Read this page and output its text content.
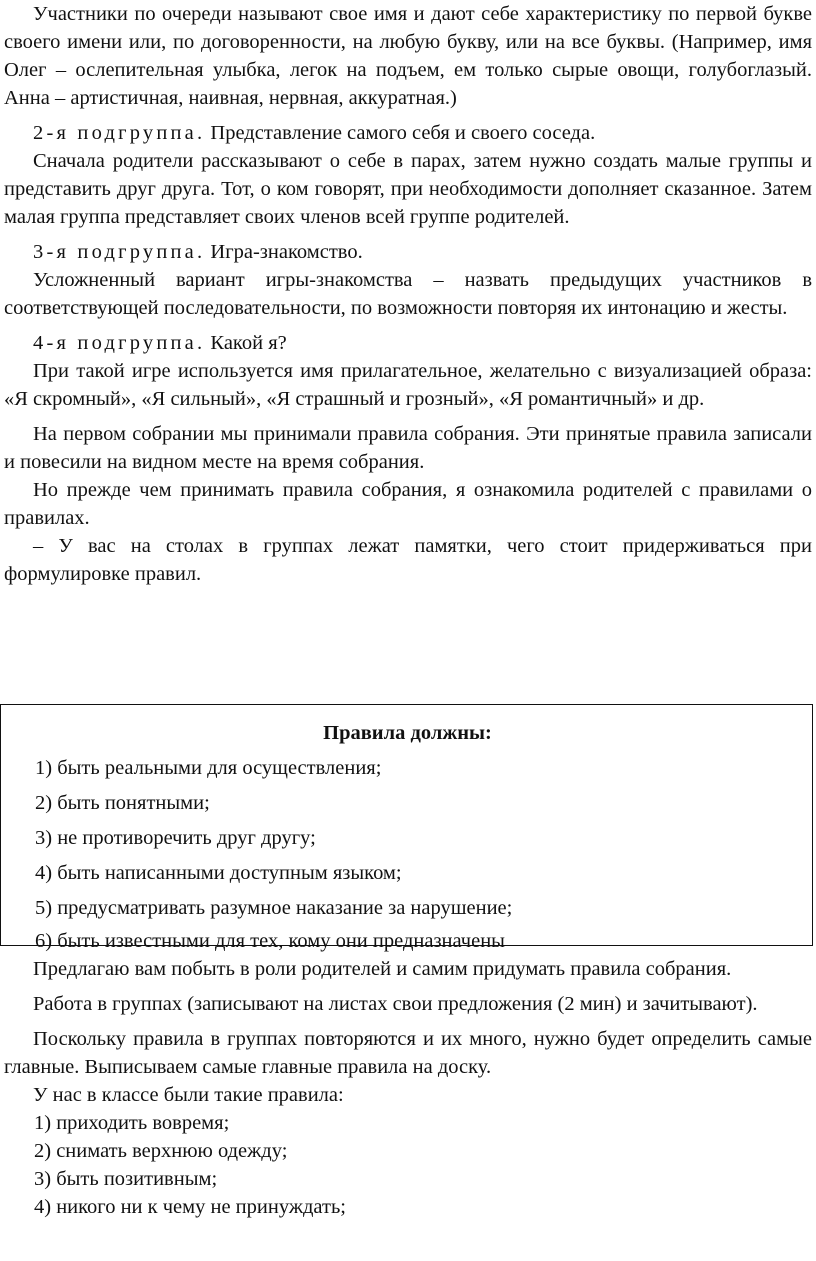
Участники по очереди называют свое имя и дают себе характеристику по первой букве своего имени или, по договоренности, на любую букву, или на все буквы. (Например, имя Олег – ослепительная улыбка, легок на подъем, ем только сырые овощи, голубоглазый. Анна – артистичная, наивная, нервная, аккуратная.)

2-я подгруппа. Представление самого себя и своего соседа.

Сначала родители рассказывают о себе в парах, затем нужно создать малые группы и представить друг друга. Тот, о ком говорят, при необходимости дополняет сказанное. Затем малая группа представляет своих членов всей группе родителей.

3-я подгруппа. Игра-знакомство.

Усложненный вариант игры-знакомства – назвать предыдущих участников в соответствующей последовательности, по возможности повторяя их интонацию и жесты.

4-я подгруппа. Какой я?

При такой игре используется имя прилагательное, желательно с визуализацией образа: «Я скромный», «Я сильный», «Я страшный и грозный», «Я романтичный» и др.

На первом собрании мы принимали правила собрания. Эти принятые правила записали и повесили на видном месте на время собрания.

Но прежде чем принимать правила собрания, я ознакомила родителей с правилами о правилах.

– У вас на столах в группах лежат памятки, чего стоит придерживаться при формулировке правил.

Правила должны:
1) быть реальными для осуществления;
2) быть понятными;
3) не противоречить друг другу;
4) быть написанными доступным языком;
5) предусматривать разумное наказание за нарушение;
6) быть известными для тех, кому они предназначены

Предлагаю вам побыть в роли родителей и самим придумать правила собрания.

Работа в группах (записывают на листах свои предложения (2 мин) и зачитывают).

Поскольку правила в группах повторяются и их много, нужно будет определить самые главные. Выписываем самые главные правила на доску.

У нас в классе были такие правила:

1) приходить вовремя;

2) снимать верхнюю одежду;

3) быть позитивным;

4) никого ни к чему не принуждать;
